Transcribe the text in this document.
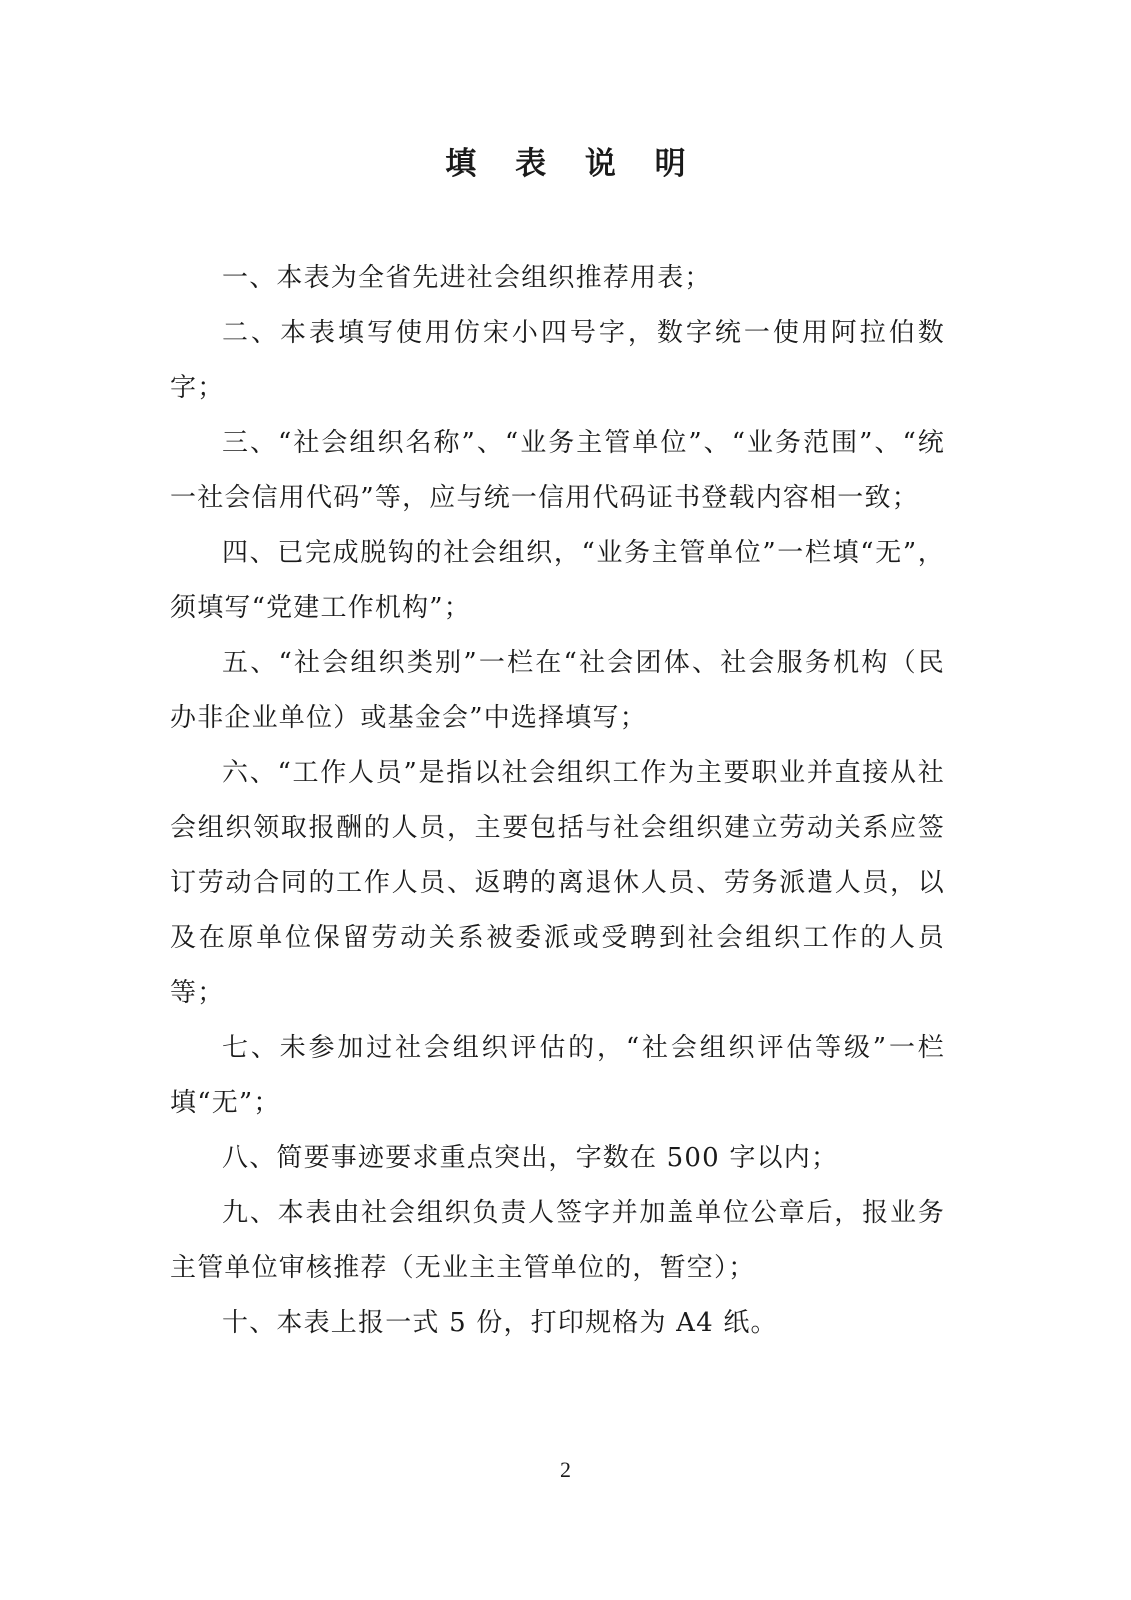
填 表 说 明

一、本表为全省先进社会组织推荐用表；

二、本表填写使用仿宋小四号字，数字统一使用阿拉伯数字；

三、“社会组织名称”、“业务主管单位”、“业务范围”、“统一社会信用代码”等，应与统一信用代码证书登载内容相一致；

四、已完成脱钩的社会组织，“业务主管单位”一栏填“无”，须填写“党建工作机构”；

五、“社会组织类别”一栏在“社会团体、社会服务机构（民办非企业单位）或基金会”中选择填写；

六、“工作人员”是指以社会组织工作为主要职业并直接从社会组织领取报酬的人员，主要包括与社会组织建立劳动关系应签订劳动合同的工作人员、返聘的离退休人员、劳务派遣人员，以及在原单位保留劳动关系被委派或受聘到社会组织工作的人员等；

七、未参加过社会组织评估的，“社会组织评估等级”一栏填“无”；

八、简要事迹要求重点突出，字数在 500 字以内；

九、本表由社会组织负责人签字并加盖单位公章后，报业务主管单位审核推荐（无业主主管单位的，暂空）；

十、本表上报一式 5 份，打印规格为 A4 纸。

2
